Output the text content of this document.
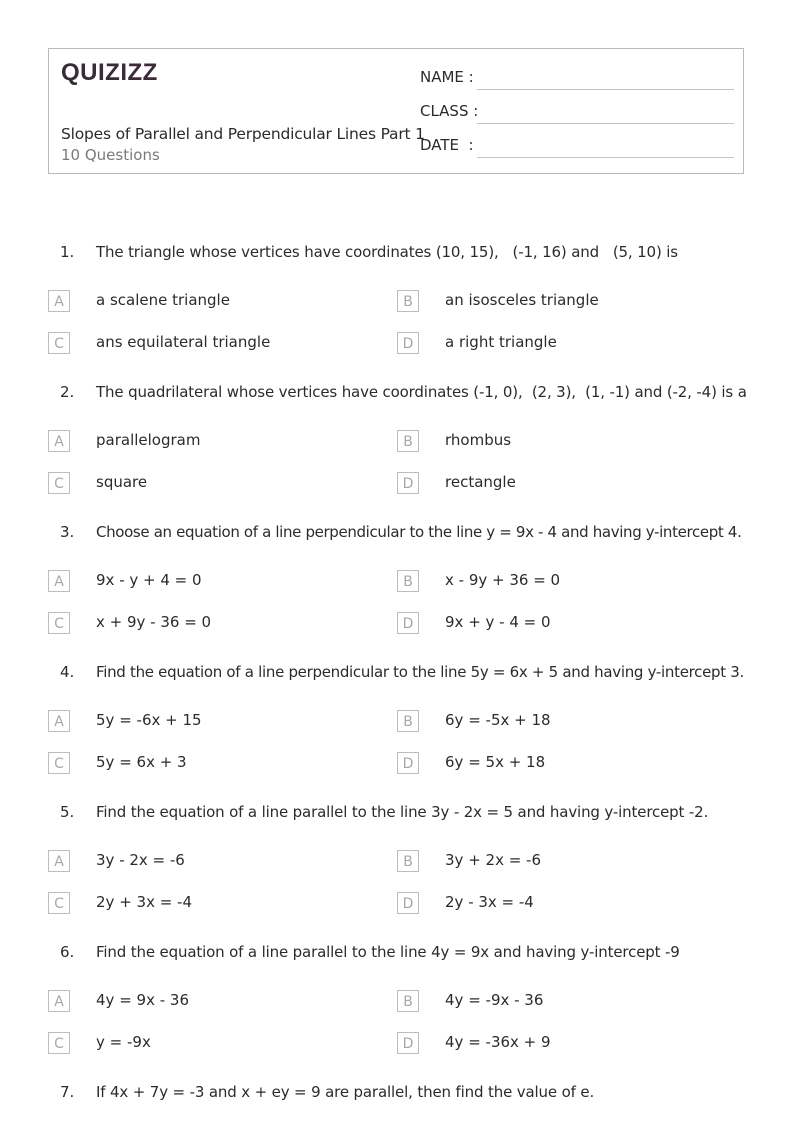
QUIZIZZ
Slopes of Parallel and Perpendicular Lines Part 1
10 Questions
NAME :
CLASS :
DATE  :
1. The triangle whose vertices have coordinates (10, 15),   (-1, 16) and   (5, 10) is
A	a scalene triangle	B	an isosceles triangle
C	ans equilateral triangle	D	a right triangle
2. The quadrilateral whose vertices have coordinates (-1, 0),  (2, 3),  (1, -1) and (-2, -4) is a
A	parallelogram	B	rhombus
C	square	D	rectangle
3. Choose an equation of a line perpendicular to the line y = 9x - 4 and having y-intercept 4.
A	9x - y + 4 = 0	B	x - 9y + 36 = 0
C	x + 9y - 36 = 0	D	9x + y - 4 = 0
4. Find the equation of a line perpendicular to the line 5y = 6x + 5 and having y-intercept 3.
A	5y = -6x + 15	B	6y = -5x + 18
C	5y = 6x + 3	D	6y = 5x + 18
5. Find the equation of a line parallel to the line 3y - 2x = 5 and having y-intercept -2.
A	3y - 2x = -6	B	3y + 2x = -6
C	2y + 3x = -4	D	2y - 3x = -4
6. Find the equation of a line parallel to the line 4y = 9x and having y-intercept -9
A	4y = 9x - 36	B	4y = -9x - 36
C	y = -9x	D	4y = -36x + 9
7. If 4x + 7y = -3 and x + ey = 9 are parallel, then find the value of e.
